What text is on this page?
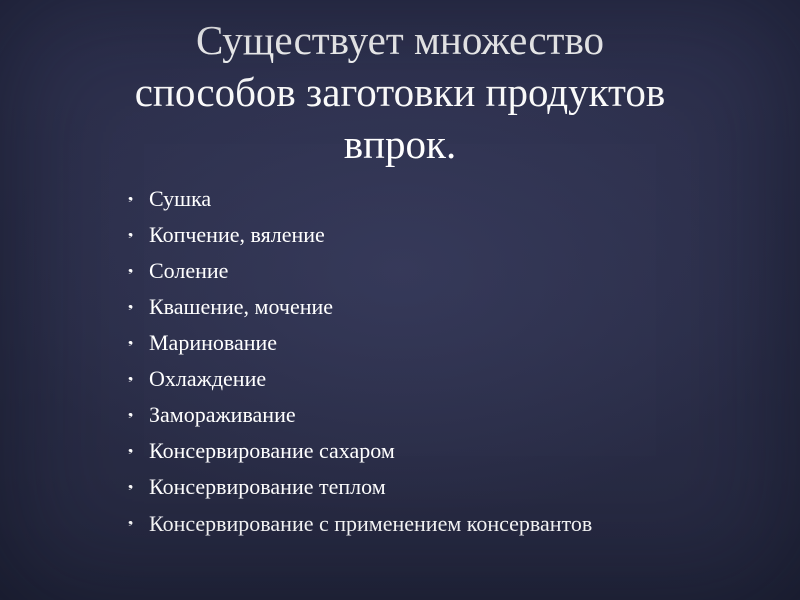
Существует множество
способов заготовки продуктов
впрок.
❟ Сушка
❟ Копчение, вяление
❟ Соление
❟ Квашение, мочение
❟ Маринование
❟ Охлаждение
❟ Замораживание
❟ Консервирование сахаром
❟ Консервирование теплом
❟ Консервирование с применением консервантов
